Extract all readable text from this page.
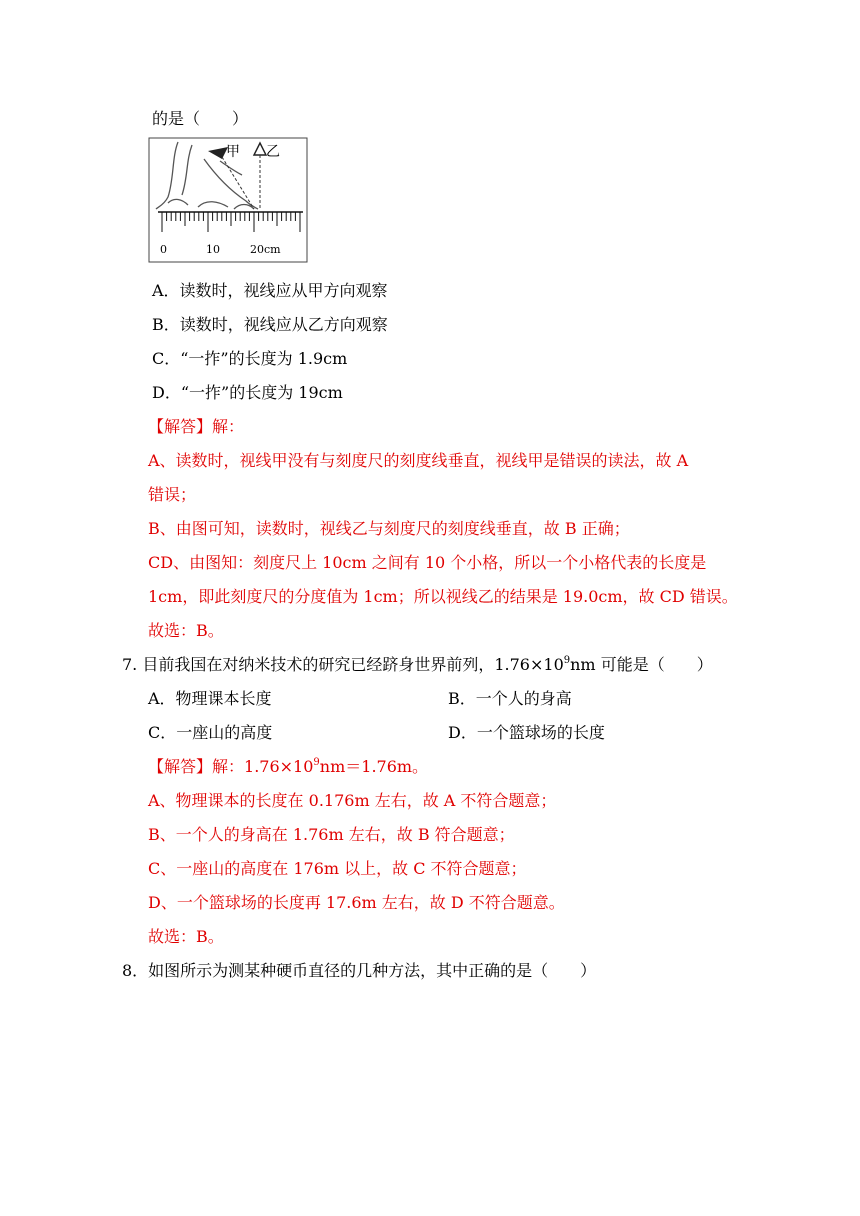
的是（　　）
0	10	20cm
甲 乙
A．读数时，视线应从甲方向观察
B．读数时，视线应从乙方向观察
C．“一拃”的长度为 1.9cm
D．“一拃”的长度为 19cm
【解答】解：
A、读数时，视线甲没有与刻度尺的刻度线垂直，视线甲是错误的读法，故 A
错误；
B、由图可知，读数时，视线乙与刻度尺的刻度线垂直，故 B 正确；
CD、由图知：刻度尺上 10cm 之间有 10 个小格，所以一个小格代表的长度是
1cm，即此刻度尺的分度值为 1cm；所以视线乙的结果是 19.0cm，故 CD 错误。
故选：B。
7. 目前我国在对纳米技术的研究已经跻身世界前列，$1.76\times 10^9nm$ 可能是（　　）
A．物理课本长度	B．一个人的身高
C．一座山的高度	D．一个篮球场的长度
【解答】解：$1.76\times 10^9nm=1.76m$。
A、物理课本的长度在 0.176m 左右，故 A 不符合题意；
B、一个人的身高在 1.76m 左右，故 B 符合题意；
C、一座山的高度在 176m 以上，故 C 不符合题意；
D、一个篮球场的长度再 17.6m 左右，故 D 不符合题意。
故选：B。
8．如图所示为测某种硬币直径的几种方法，其中正确的是（　　）
